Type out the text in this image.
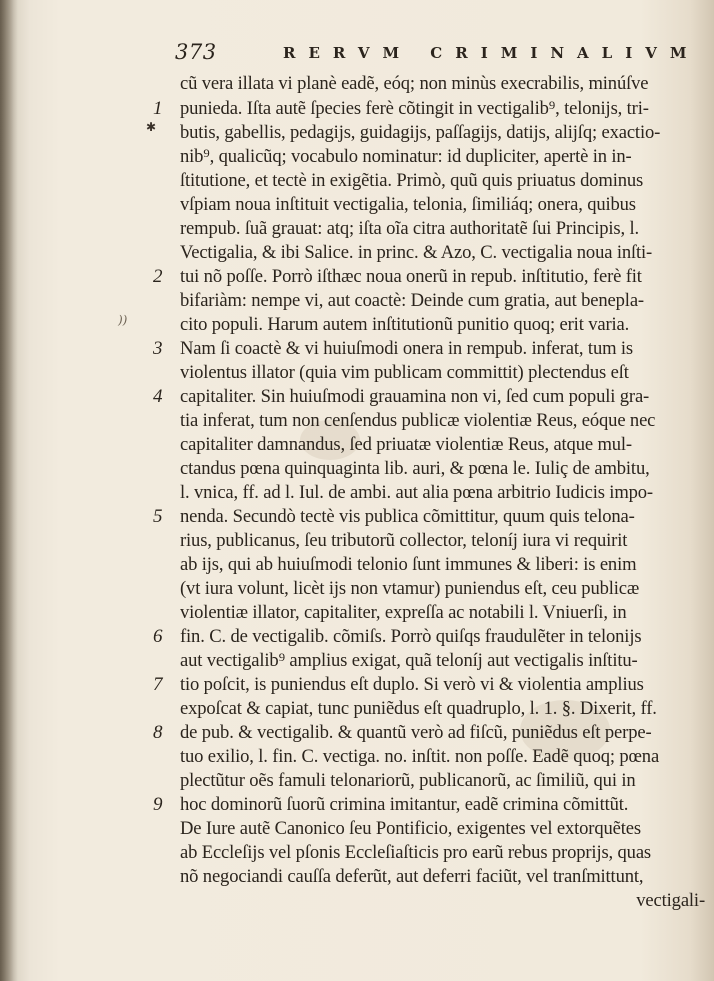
373	RERVM CRIMINALIVM
✱
))
cũ vera illata vi planè eadẽ, eóq; non minùs execrabilis, minúſve
punieda. Iſta autẽ ſpecies ferè cõtingit in vectigalib⁹, telonijs, tri-
butis, gabellis, pedagijs, guidagijs, paſſagijs, datijs, alijſq; exactio-
nib⁹, qualicũq; vocabulo nominatur: id dupliciter, apertè in in-
ſtitutione, et tectè in exigẽtia. Primò, quũ quis priuatus dominus
vſpiam noua inſtituit vectigalia, telonia, ſimiliáq; onera, quibus
rempub. ſuã grauat: atq; iſta oĩa citra authoritatẽ ſui Principis, l.
Vectigalia, & ibi Salice. in princ. & Azo, C. vectigalia noua inſti-
tui nõ poſſe. Porrò iſthæc noua onerũ in repub. inſtitutio, ferè fit
bifariàm: nempe vi, aut coactè: Deinde cum gratia, aut benepla-
cito populi. Harum autem inſtitutionũ punitio quoq; erit varia.
Nam ſi coactè & vi huiuſmodi onera in rempub. inferat, tum is
violentus illator (quia vim publicam committit) plectendus eſt
capitaliter. Sin huiuſmodi grauamina non vi, ſed cum populi gra-
tia inferat, tum non cenſendus publicæ violentiæ Reus, eóque nec
capitaliter damnandus, ſed priuatæ violentiæ Reus, atque mul-
ctandus pœna quinquaginta lib. auri, & pœna le. Iuliç de ambitu,
l. vnica, ff. ad l. Iul. de ambi. aut alia pœna arbitrio Iudicis impo-
nenda. Secundò tectè vis publica cõmittitur, quum quis telona-
rius, publicanus, ſeu tributorũ collector, teloníj iura vi requirit
ab ijs, qui ab huiuſmodi telonio ſunt immunes & liberi: is enim
(vt iura volunt, licèt ijs non vtamur) puniendus eſt, ceu publicæ
violentiæ illator, capitaliter, expreſſa ac notabili l. Vniuerſi, in
fin. C. de vectigalib. cõmiſs. Porrò quiſqs fraudulẽter in telonijs
aut vectigalib⁹ amplius exigat, quã teloníj aut vectigalis inſtitu-
tio poſcit, is puniendus eſt duplo. Si verò vi & violentia amplius
expoſcat & capiat, tunc puniẽdus eſt quadruplo, l. 1. §. Dixerit, ff.
de pub. & vectigalib. & quantũ verò ad fiſcũ, puniẽdus eſt perpe-
tuo exilio, l. fin. C. vectiga. no. inſtit. non poſſe. Eadẽ quoq; pœna
plectũtur oẽs famuli telonariorũ, publicanorũ, ac ſimiliũ, qui in
hoc dominorũ ſuorũ crimina imitantur, eadẽ crimina cõmittũt.
De Iure autẽ Canonico ſeu Pontificio, exigentes vel extorquẽtes
ab Eccleſijs vel pſonis Eccleſiaſticis pro earũ rebus proprijs, quas
nõ negociandi cauſſa deferũt, aut deferri faciũt, vel tranſmittunt,
vectigali-
1
2
3
4
5
6
7
8
9
